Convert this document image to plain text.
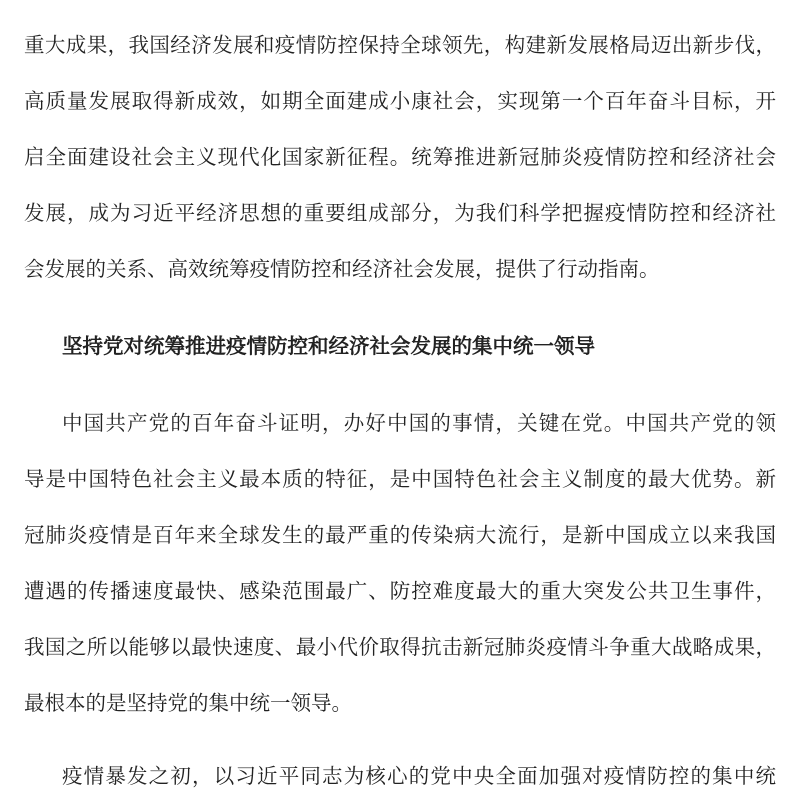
重大成果，我国经济发展和疫情防控保持全球领先，构建新发展格局迈出新步伐，
高质量发展取得新成效，如期全面建成小康社会，实现第一个百年奋斗目标，开
启全面建设社会主义现代化国家新征程。统筹推进新冠肺炎疫情防控和经济社会
发展，成为习近平经济思想的重要组成部分，为我们科学把握疫情防控和经济社
会发展的关系、高效统筹疫情防控和经济社会发展，提供了行动指南。
坚持党对统筹推进疫情防控和经济社会发展的集中统一领导
中国共产党的百年奋斗证明，办好中国的事情，关键在党。中国共产党的领
导是中国特色社会主义最本质的特征，是中国特色社会主义制度的最大优势。新
冠肺炎疫情是百年来全球发生的最严重的传染病大流行，是新中国成立以来我国
遭遇的传播速度最快、感染范围最广、防控难度最大的重大突发公共卫生事件，
我国之所以能够以最快速度、最小代价取得抗击新冠肺炎疫情斗争重大战略成果，
最根本的是坚持党的集中统一领导。
疫情暴发之初，以习近平同志为核心的党中央全面加强对疫情防控的集中统
